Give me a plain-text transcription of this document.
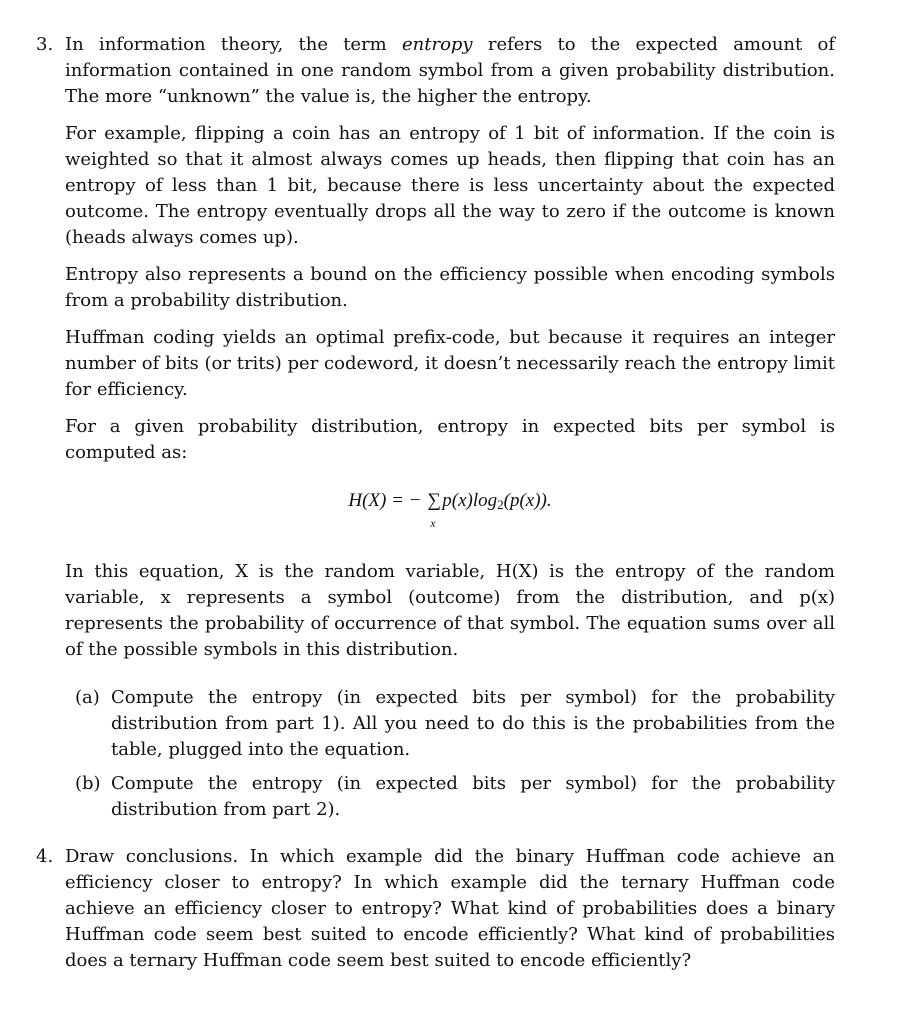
3. In information theory, the term entropy refers to the expected amount of information contained in one random symbol from a given probability distribution. The more “unknown” the value is, the higher the entropy.

For example, flipping a coin has an entropy of 1 bit of information. If the coin is weighted so that it almost always comes up heads, then flipping that coin has an entropy of less than 1 bit, because there is less uncertainty about the expected outcome. The entropy eventually drops all the way to zero if the outcome is known (heads always comes up).

Entropy also represents a bound on the efficiency possible when encoding symbols from a probability distribution.

Huffman coding yields an optimal prefix-code, but because it requires an integer number of bits (or trits) per codeword, it doesn’t necessarily reach the entropy limit for efficiency.

For a given probability distribution, entropy in expected bits per symbol is computed as:

H(X) = − ∑
x
$p(x)\log_2(p(x))$.

In this equation, X is the random variable, H(X) is the entropy of the random variable, x represents a symbol (outcome) from the distribution, and p(x) represents the probability of occurrence of that symbol. The equation sums over all of the possible symbols in this distribution.

(a) Compute the entropy (in expected bits per symbol) for the probability distribution from part 1). All you need to do this is the probabilities from the table, plugged into the equation.

(b) Compute the entropy (in expected bits per symbol) for the probability distribution from part 2).

4. Draw conclusions. In which example did the binary Huffman code achieve an efficiency closer to entropy? In which example did the ternary Huffman code achieve an efficiency closer to entropy? What kind of probabilities does a binary Huffman code seem best suited to encode efficiently? What kind of probabilities does a ternary Huffman code seem best suited to encode efficiently?
